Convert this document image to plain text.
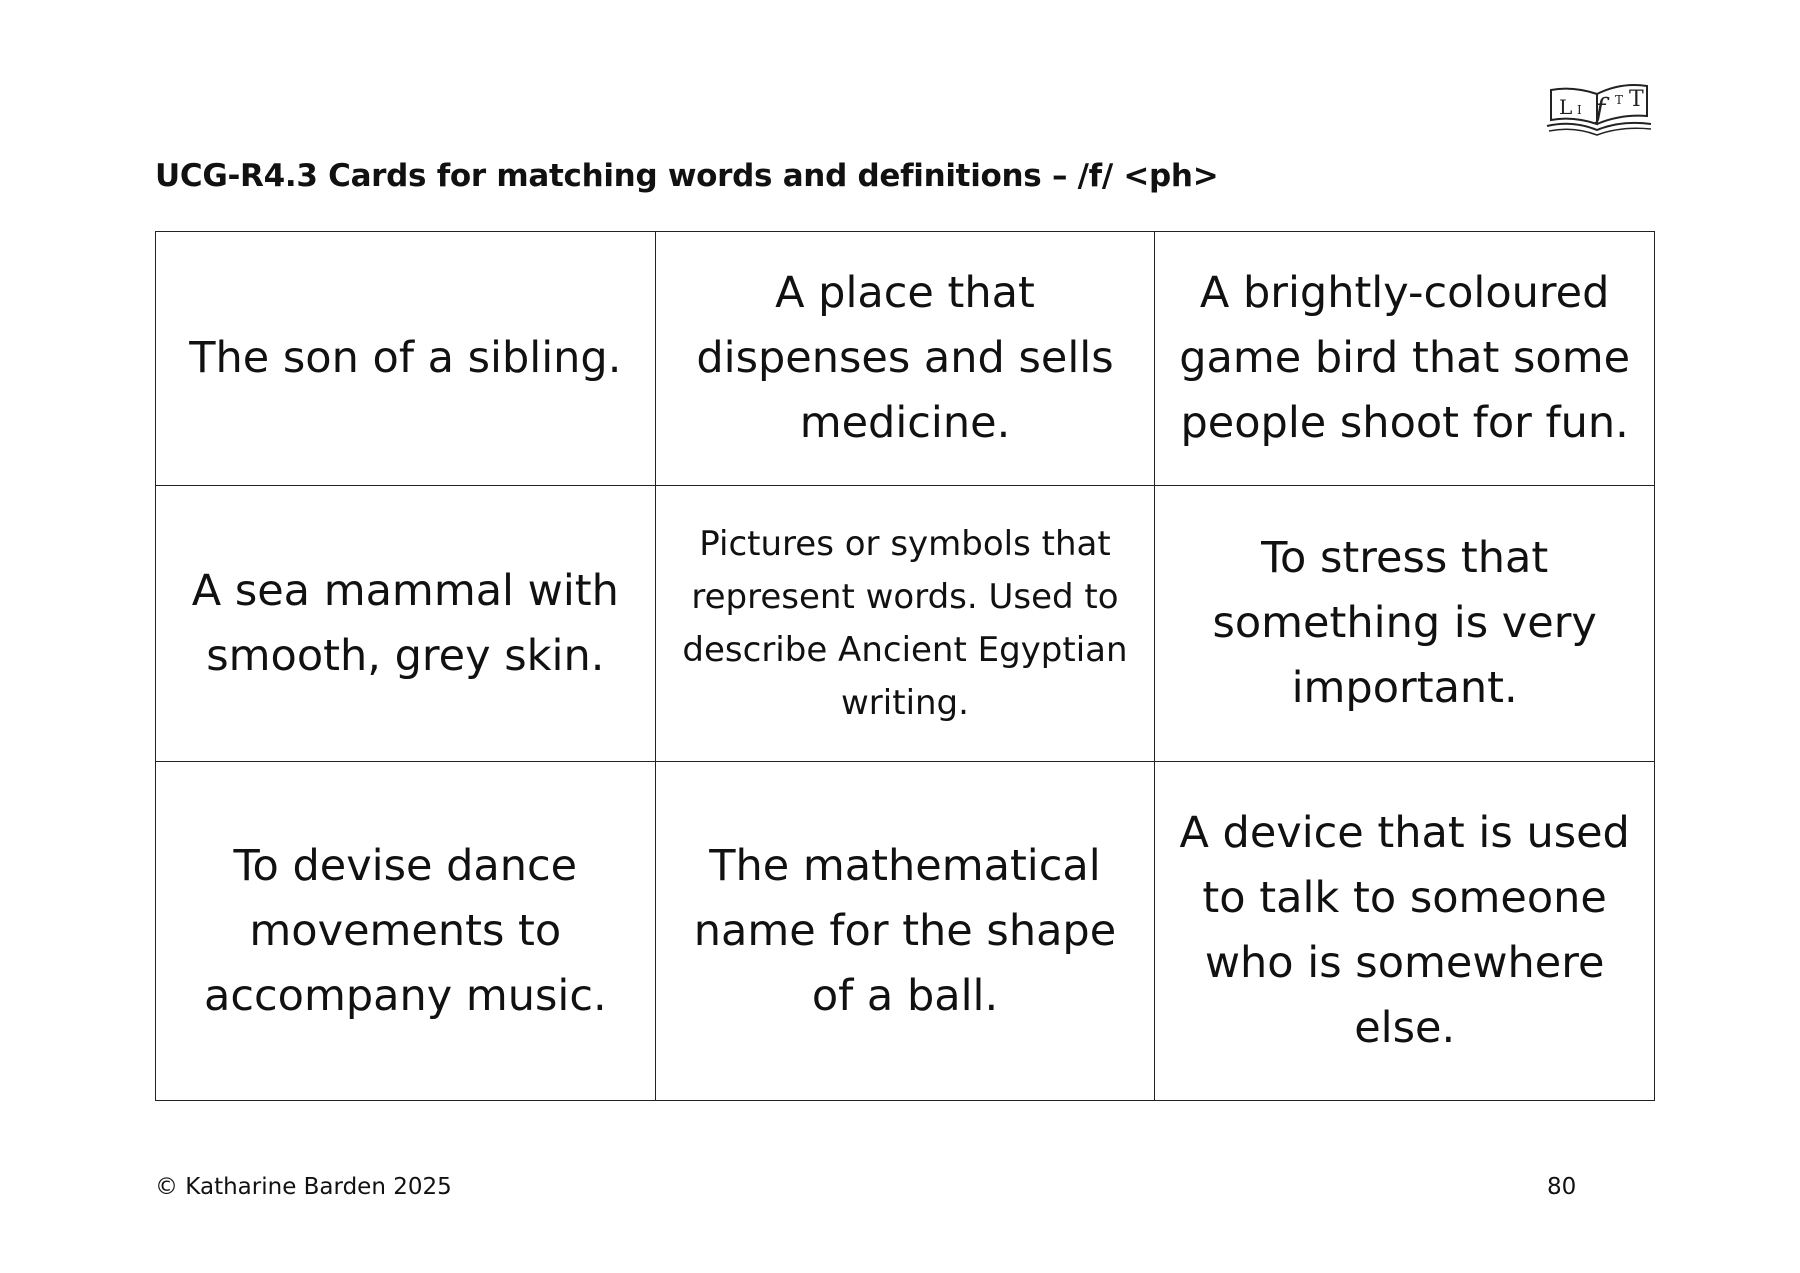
L I f T T
UCG-R4.3 Cards for matching words and definitions – /f/ <ph>
The son of a sibling.	A place that dispenses and sells medicine.	A brightly-coloured game bird that some people shoot for fun.
A sea mammal with smooth, grey skin.	Pictures or symbols that represent words. Used to describe Ancient Egyptian writing.	To stress that something is very important.
To devise dance movements to accompany music.	The mathematical name for the shape of a ball.	A device that is used to talk to someone who is somewhere else.
© Katharine Barden 2025	80
